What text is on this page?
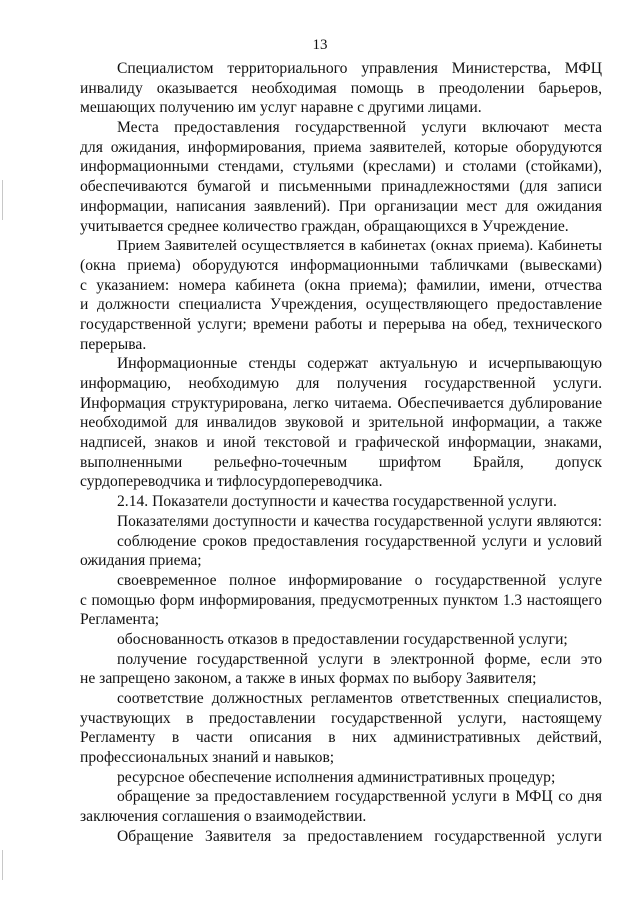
13
Специалистом территориального управления Министерства, МФЦ
инвалиду оказывается необходимая помощь в преодолении барьеров,
мешающих получению им услуг наравне с другими лицами.
Места предоставления государственной услуги включают места
для ожидания, информирования, приема заявителей, которые оборудуются
информационными стендами, стульями (креслами) и столами (стойками),
обеспечиваются бумагой и письменными принадлежностями (для записи
информации, написания заявлений). При организации мест для ожидания
учитывается среднее количество граждан, обращающихся в Учреждение.
Прием Заявителей осуществляется в кабинетах (окнах приема). Кабинеты
(окна приема) оборудуются информационными табличками (вывесками)
с указанием: номера кабинета (окна приема); фамилии, имени, отчества
и должности специалиста Учреждения, осуществляющего предоставление
государственной услуги; времени работы и перерыва на обед, технического
перерыва.
Информационные стенды содержат актуальную и исчерпывающую
информацию, необходимую для получения государственной услуги.
Информация структурирована, легко читаема. Обеспечивается дублирование
необходимой для инвалидов звуковой и зрительной информации, а также
надписей, знаков и иной текстовой и графической информации, знаками,
выполненными рельефно-точечным шрифтом Брайля, допуск
сурдопереводчика и тифлосурдопереводчика.
2.14. Показатели доступности и качества государственной услуги.
Показателями доступности и качества государственной услуги являются:
соблюдение сроков предоставления государственной услуги и условий
ожидания приема;
своевременное полное информирование о государственной услуге
с помощью форм информирования, предусмотренных пунктом 1.3 настоящего
Регламента;
обоснованность отказов в предоставлении государственной услуги;
получение государственной услуги в электронной форме, если это
не запрещено законом, а также в иных формах по выбору Заявителя;
соответствие должностных регламентов ответственных специалистов,
участвующих в предоставлении государственной услуги, настоящему
Регламенту в части описания в них административных действий,
профессиональных знаний и навыков;
ресурсное обеспечение исполнения административных процедур;
обращение за предоставлением государственной услуги в МФЦ со дня
заключения соглашения о взаимодействии.
Обращение Заявителя за предоставлением государственной услуги
